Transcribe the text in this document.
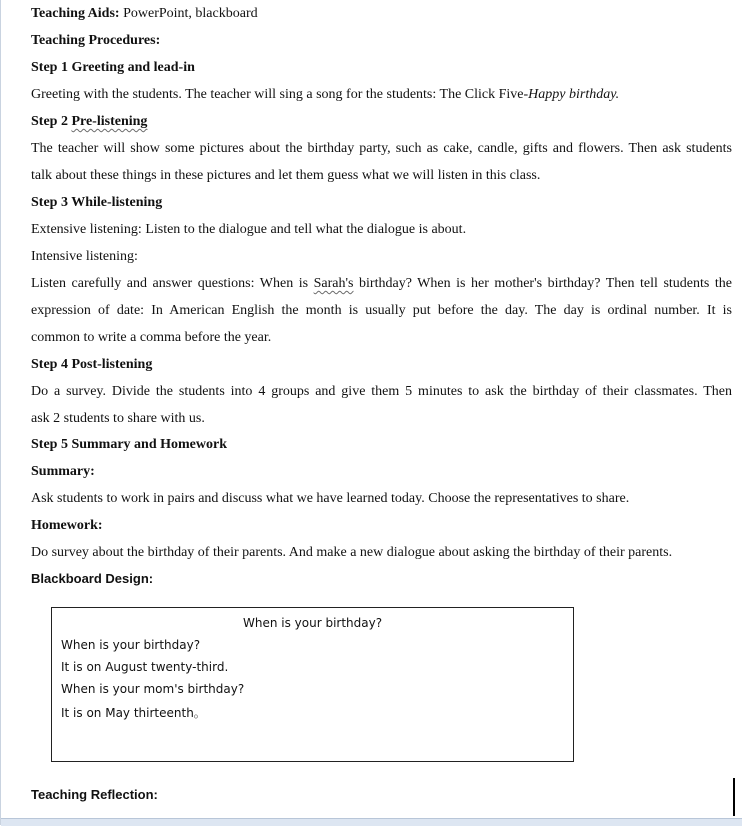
Teaching Aids: PowerPoint, blackboard
Teaching Procedures:
Step 1 Greeting and lead-in
Greeting with the students. The teacher will sing a song for the students: The Click Five-Happy birthday.
Step 2 Pre-listening
The teacher will show some pictures about the birthday party, such as cake, candle, gifts and flowers. Then ask students
talk about these things in these pictures and let them guess what we will listen in this class.
Step 3 While-listening
Extensive listening: Listen to the dialogue and tell what the dialogue is about.
Intensive listening:
Listen carefully and answer questions: When is Sarah's birthday? When is her mother's birthday? Then tell students the
expression of date: In American English the month is usually put before the day. The day is ordinal number. It is
common to write a comma before the year.
Step 4 Post-listening
Do a survey. Divide the students into 4 groups and give them 5 minutes to ask the birthday of their classmates. Then
ask 2 students to share with us.
Step 5 Summary and Homework
Summary:
Ask students to work in pairs and discuss what we have learned today. Choose the representatives to share.
Homework:
Do survey about the birthday of their parents. And make a new dialogue about asking the birthday of their parents.
Blackboard Design:
When is your birthday?
When is your birthday?
It is on August twenty-third.
When is your mom's birthday?
It is on May thirteenth。
Teaching Reflection:
